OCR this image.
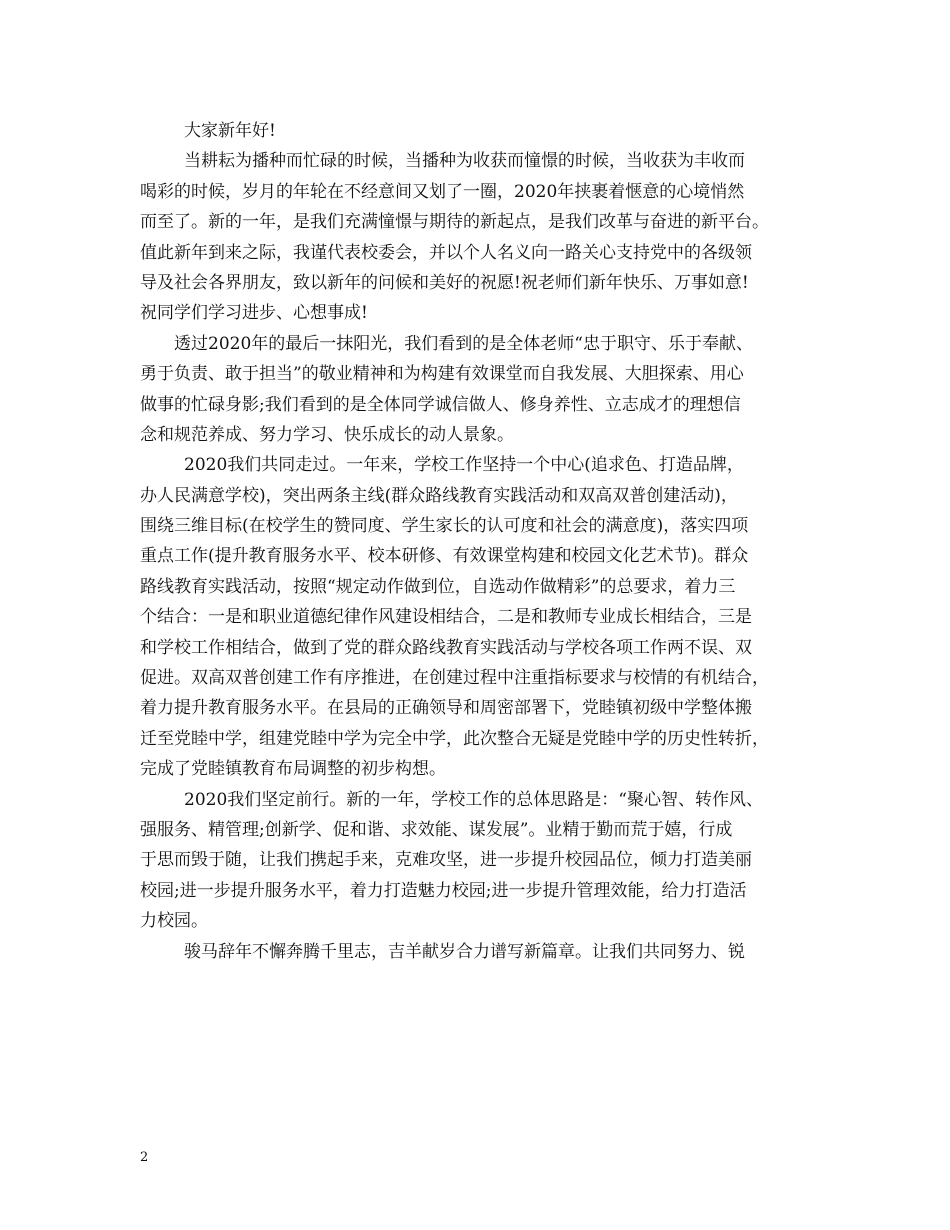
大家新年好!
当耕耘为播种而忙碌的时候，当播种为收获而憧憬的时候，当收获为丰收而
喝彩的时候，岁月的年轮在不经意间又划了一圈，2020年挟裹着惬意的心境悄然
而至了。新的一年，是我们充满憧憬与期待的新起点，是我们改革与奋进的新平台。
值此新年到来之际，我谨代表校委会，并以个人名义向一路关心支持党中的各级领
导及社会各界朋友，致以新年的问候和美好的祝愿!祝老师们新年快乐、万事如意!
祝同学们学习进步、心想事成!
透过2020年的最后一抹阳光，我们看到的是全体老师“忠于职守、乐于奉献、
勇于负责、敢于担当”的敬业精神和为构建有效课堂而自我发展、大胆探索、用心
做事的忙碌身影;我们看到的是全体同学诚信做人、修身养性、立志成才的理想信
念和规范养成、努力学习、快乐成长的动人景象。
2020我们共同走过。一年来，学校工作坚持一个中心(追求色、打造品牌，
办人民满意学校)，突出两条主线(群众路线教育实践活动和双高双普创建活动)，
围绕三维目标(在校学生的赞同度、学生家长的认可度和社会的满意度)，落实四项
重点工作(提升教育服务水平、校本研修、有效课堂构建和校园文化艺术节)。群众
路线教育实践活动，按照“规定动作做到位，自选动作做精彩”的总要求，着力三
个结合：一是和职业道德纪律作风建设相结合，二是和教师专业成长相结合，三是
和学校工作相结合，做到了党的群众路线教育实践活动与学校各项工作两不误、双
促进。双高双普创建工作有序推进，在创建过程中注重指标要求与校情的有机结合，
着力提升教育服务水平。在县局的正确领导和周密部署下，党睦镇初级中学整体搬
迁至党睦中学，组建党睦中学为完全中学，此次整合无疑是党睦中学的历史性转折，
完成了党睦镇教育布局调整的初步构想。
2020我们坚定前行。新的一年，学校工作的总体思路是：“聚心智、转作风、
强服务、精管理;创新学、促和谐、求效能、谋发展”。业精于勤而荒于嬉，行成
于思而毁于随，让我们携起手来，克难攻坚，进一步提升校园品位，倾力打造美丽
校园;进一步提升服务水平，着力打造魅力校园;进一步提升管理效能，给力打造活
力校园。
骏马辞年不懈奔腾千里志，吉羊献岁合力谱写新篇章。让我们共同努力、锐
2
